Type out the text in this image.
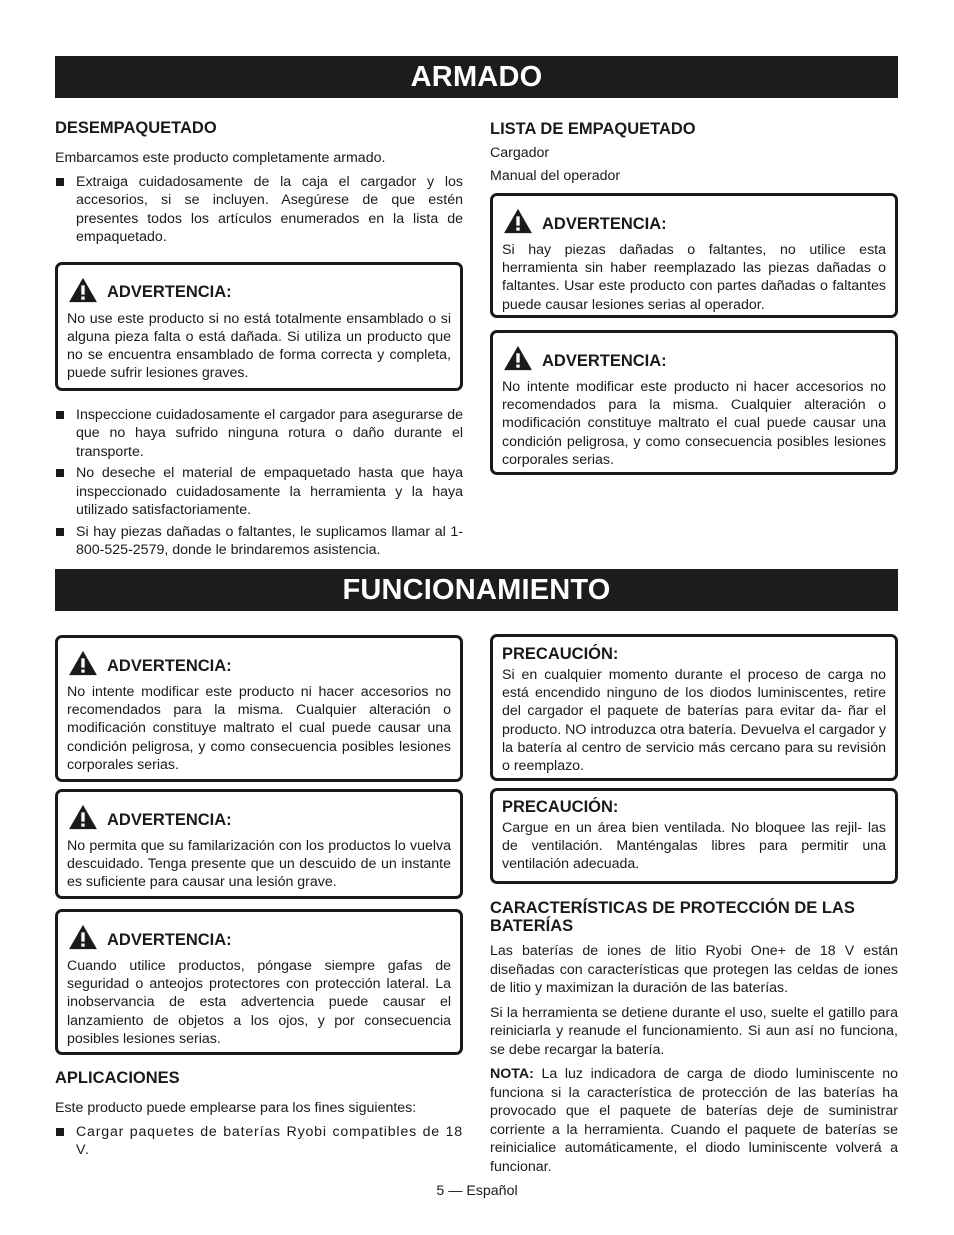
ARMADO
DESEMPAQUETADO

Embarcamos este producto completamente armado.

Extraiga cuidadosamente de la caja el cargador y los accesorios, si se incluyen. Asegúrese de que estén presentes todos los artículos enumerados en la lista de empaquetado.
ADVERTENCIA:
No use este producto si no está totalmente ensamblado o si alguna pieza falta o está dañada. Si utiliza un producto que no se encuentra ensamblado de forma correcta y completa, puede sufrir lesiones graves.
Inspeccione cuidadosamente el cargador para asegurarse de que no haya sufrido ninguna rotura o daño durante el transporte.
No deseche el material de empaquetado hasta que haya inspeccionado cuidadosamente la herramienta y la haya utilizado satisfactoriamente.
Si hay piezas dañadas o faltantes, le suplicamos llamar al 1-800-525-2579, donde le brindaremos asistencia.
LISTA DE EMPAQUETADO

Cargador

Manual del operador

ADVERTENCIA:
Si hay piezas dañadas o faltantes, no utilice esta herramienta sin haber reemplazado las piezas dañadas o faltantes. Usar este producto con partes dañadas o faltantes puede causar lesiones serias al operador.
ADVERTENCIA:
No intente modificar este producto ni hacer accesorios no recomendados para la misma. Cualquier alteración o modificación constituye maltrato el cual puede causar una condición peligrosa, y como consecuencia posibles lesiones corporales serias.
FUNCIONAMIENTO
ADVERTENCIA:
No intente modificar este producto ni hacer accesorios no recomendados para la misma. Cualquier alteración o modificación constituye maltrato el cual puede causar una condición peligrosa, y como consecuencia posibles lesiones corporales serias.
ADVERTENCIA:
No permita que su familarización con los productos lo vuelva descuidado. Tenga presente que un descuido de un instante es suficiente para causar una lesión grave.
ADVERTENCIA:
Cuando utilice productos, póngase siempre gafas de seguridad o anteojos protectores con protección lateral. La inobservancia de esta advertencia puede causar el lanzamiento de objetos a los ojos, y por consecuencia posibles lesiones serias.
APLICACIONES

Este producto puede emplearse para los fines siguientes:

Cargar paquetes de baterías Ryobi compatibles de 18 V.
PRECAUCIÓN:
Si en cualquier momento durante el proceso de carga no está encendido ninguno de los diodos luminiscentes, retire del cargador el paquete de baterías para evitar da- ñar el producto. NO introduzca otra batería. Devuelva el cargador y la batería al centro de servicio más cercano para su revisión o reemplazo.
PRECAUCIÓN:
Cargue en un área bien ventilada. No bloquee las rejil- las de ventilación. Manténgalas libres para permitir una ventilación adecuada.
CARACTERÍSTICAS DE PROTECCIÓN DE LAS BATERÍAS

Las baterías de iones de litio Ryobi One+ de 18 V están diseñadas con características que protegen las celdas de iones de litio y maximizan la duración de las baterías.

Si la herramienta se detiene durante el uso, suelte el gatillo para reiniciarla y reanude el funcionamiento. Si aun así no funciona, se debe recargar la batería.

NOTA: La luz indicadora de carga de diodo luminiscente no funciona si la característica de protección de las baterías ha provocado que el paquete de baterías deje de suministrar corriente a la herramienta. Cuando el paquete de baterías se reinicialice automáticamente, el diodo luminiscente volverá a funcionar.

5 — Español
